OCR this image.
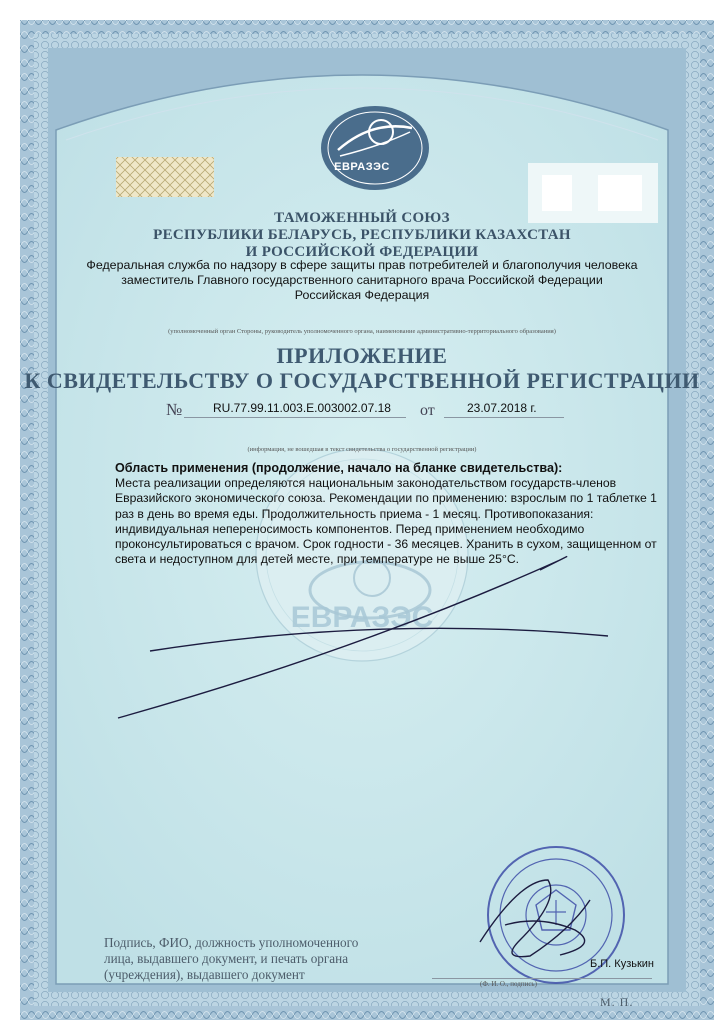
ЕВРАЗЭС
ЕВРАЗЭС
ТАМОЖЕННЫЙ СОЮЗ
РЕСПУБЛИКИ БЕЛАРУСЬ, РЕСПУБЛИКИ КАЗАХСТАН
И РОССИЙСКОЙ ФЕДЕРАЦИИ
Федеральная служба по надзору в сфере защиты прав потребителей и благополучия человека
заместитель Главного государственного санитарного врача Российской Федерации
Российская Федерация
(уполномоченный орган Стороны, руководитель уполномоченного органа, наименование административно-территориального образования)
ПРИЛОЖЕНИЕ
К СВИДЕТЕЛЬСТВУ О ГОСУДАРСТВЕННОЙ РЕГИСТРАЦИИ
№	RU.77.99.11.003.Е.003002.07.18 от	23.07.2018 г.
(информация, не вошедшая в текст свидетельства о государственной регистрации)
Область применения (продолжение, начало на бланке свидетельства):
Места реализации определяются национальным законодательством государств-членов
Евразийского экономического союза. Рекомендации по применению: взрослым по 1 таблетке 1
раз в день во время еды. Продолжительность приема - 1 месяц. Противопоказания:
индивидуальная непереносимость компонентов. Перед применением необходимо
проконсультироваться с врачом. Срок годности - 36 месяцев. Хранить в сухом, защищенном от
света и недоступном для детей месте, при температуре не выше 25°С.
Подпись, ФИО, должность уполномоченного
лица, выдавшего документ, и печать органа
(учреждения), выдавшего документ
Б.П. Кузькин
(Ф. И. О., подпись)
М. П.
